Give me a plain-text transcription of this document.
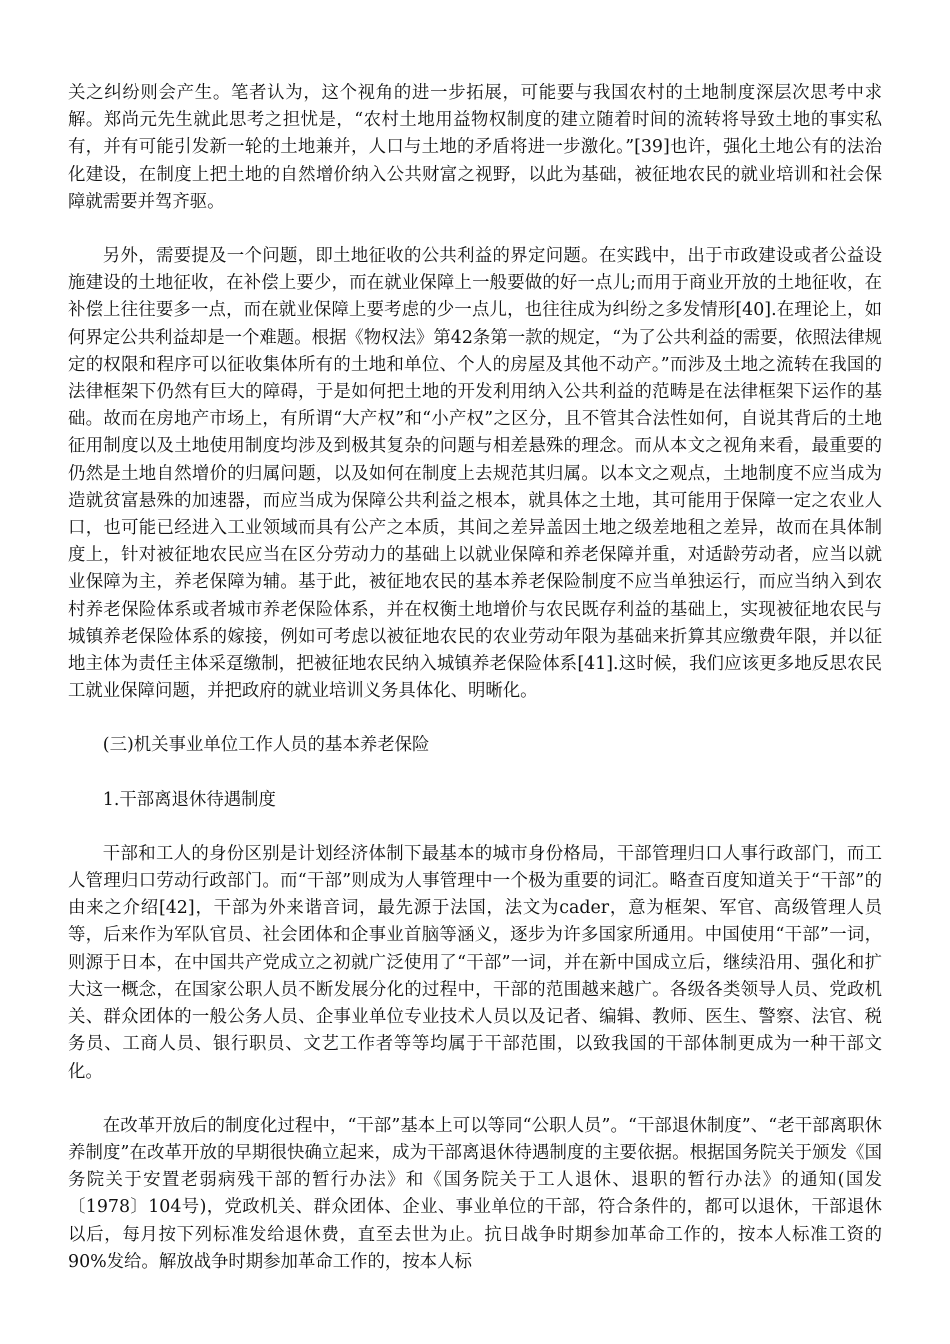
关之纠纷则会产生。笔者认为，这个视角的进一步拓展，可能要与我国农村的土地制度深层次思考中求解。郑尚元先生就此思考之担忧是，“农村土地用益物权制度的建立随着时间的流转将导致土地的事实私有，并有可能引发新一轮的土地兼并，人口与土地的矛盾将进一步激化。”[39]也许，强化土地公有的法治化建设，在制度上把土地的自然增价纳入公共财富之视野，以此为基础，被征地农民的就业培训和社会保障就需要并驾齐驱。

另外，需要提及一个问题，即土地征收的公共利益的界定问题。在实践中，出于市政建设或者公益设施建设的土地征收，在补偿上要少，而在就业保障上一般要做的好一点儿;而用于商业开放的土地征收，在补偿上往往要多一点，而在就业保障上要考虑的少一点儿，也往往成为纠纷之多发情形[40].在理论上，如何界定公共利益却是一个难题。根据《物权法》第42条第一款的规定，“为了公共利益的需要，依照法律规定的权限和程序可以征收集体所有的土地和单位、个人的房屋及其他不动产。”而涉及土地之流转在我国的法律框架下仍然有巨大的障碍，于是如何把土地的开发利用纳入公共利益的范畴是在法律框架下运作的基础。故而在房地产市场上，有所谓“大产权”和“小产权”之区分，且不管其合法性如何，自说其背后的土地征用制度以及土地使用制度均涉及到极其复杂的问题与相差悬殊的理念。而从本文之视角来看，最重要的仍然是土地自然增价的归属问题，以及如何在制度上去规范其归属。以本文之观点，土地制度不应当成为造就贫富悬殊的加速器，而应当成为保障公共利益之根本，就具体之土地，其可能用于保障一定之农业人口，也可能已经进入工业领域而具有公产之本质，其间之差异盖因土地之级差地租之差异，故而在具体制度上，针对被征地农民应当在区分劳动力的基础上以就业保障和养老保障并重，对适龄劳动者，应当以就业保障为主，养老保障为辅。基于此，被征地农民的基本养老保险制度不应当单独运行，而应当纳入到农村养老保险体系或者城市养老保险体系，并在权衡土地增价与农民既存利益的基础上，实现被征地农民与城镇养老保险体系的嫁接，例如可考虑以被征地农民的农业劳动年限为基础来折算其应缴费年限，并以征地主体为责任主体采趸缴制，把被征地农民纳入城镇养老保险体系[41].这时候，我们应该更多地反思农民工就业保障问题，并把政府的就业培训义务具体化、明晰化。

(三)机关事业单位工作人员的基本养老保险

1.干部离退休待遇制度

干部和工人的身份区别是计划经济体制下最基本的城市身份格局，干部管理归口人事行政部门，而工人管理归口劳动行政部门。而“干部”则成为人事管理中一个极为重要的词汇。略查百度知道关于“干部”的由来之介绍[42]，干部为外来谐音词，最先源于法国，法文为cader，意为框架、军官、高级管理人员等，后来作为军队官员、社会团体和企事业首脑等涵义，逐步为许多国家所通用。中国使用“干部”一词，则源于日本，在中国共产党成立之初就广泛使用了“干部”一词，并在新中国成立后，继续沿用、强化和扩大这一概念，在国家公职人员不断发展分化的过程中，干部的范围越来越广。各级各类领导人员、党政机关、群众团体的一般公务人员、企事业单位专业技术人员以及记者、编辑、教师、医生、警察、法官、税务员、工商人员、银行职员、文艺工作者等等均属于干部范围，以致我国的干部体制更成为一种干部文化。

在改革开放后的制度化过程中，“干部”基本上可以等同“公职人员”。“干部退休制度”、“老干部离职休养制度”在改革开放的早期很快确立起来，成为干部离退休待遇制度的主要依据。根据国务院关于颁发《国务院关于安置老弱病残干部的暂行办法》和《国务院关于工人退休、退职的暂行办法》的通知(国发〔1978〕104号)，党政机关、群众团体、企业、事业单位的干部，符合条件的，都可以退休，干部退休以后，每月按下列标准发给退休费，直至去世为止。抗日战争时期参加革命工作的，按本人标准工资的90%发给。解放战争时期参加革命工作的，按本人标
